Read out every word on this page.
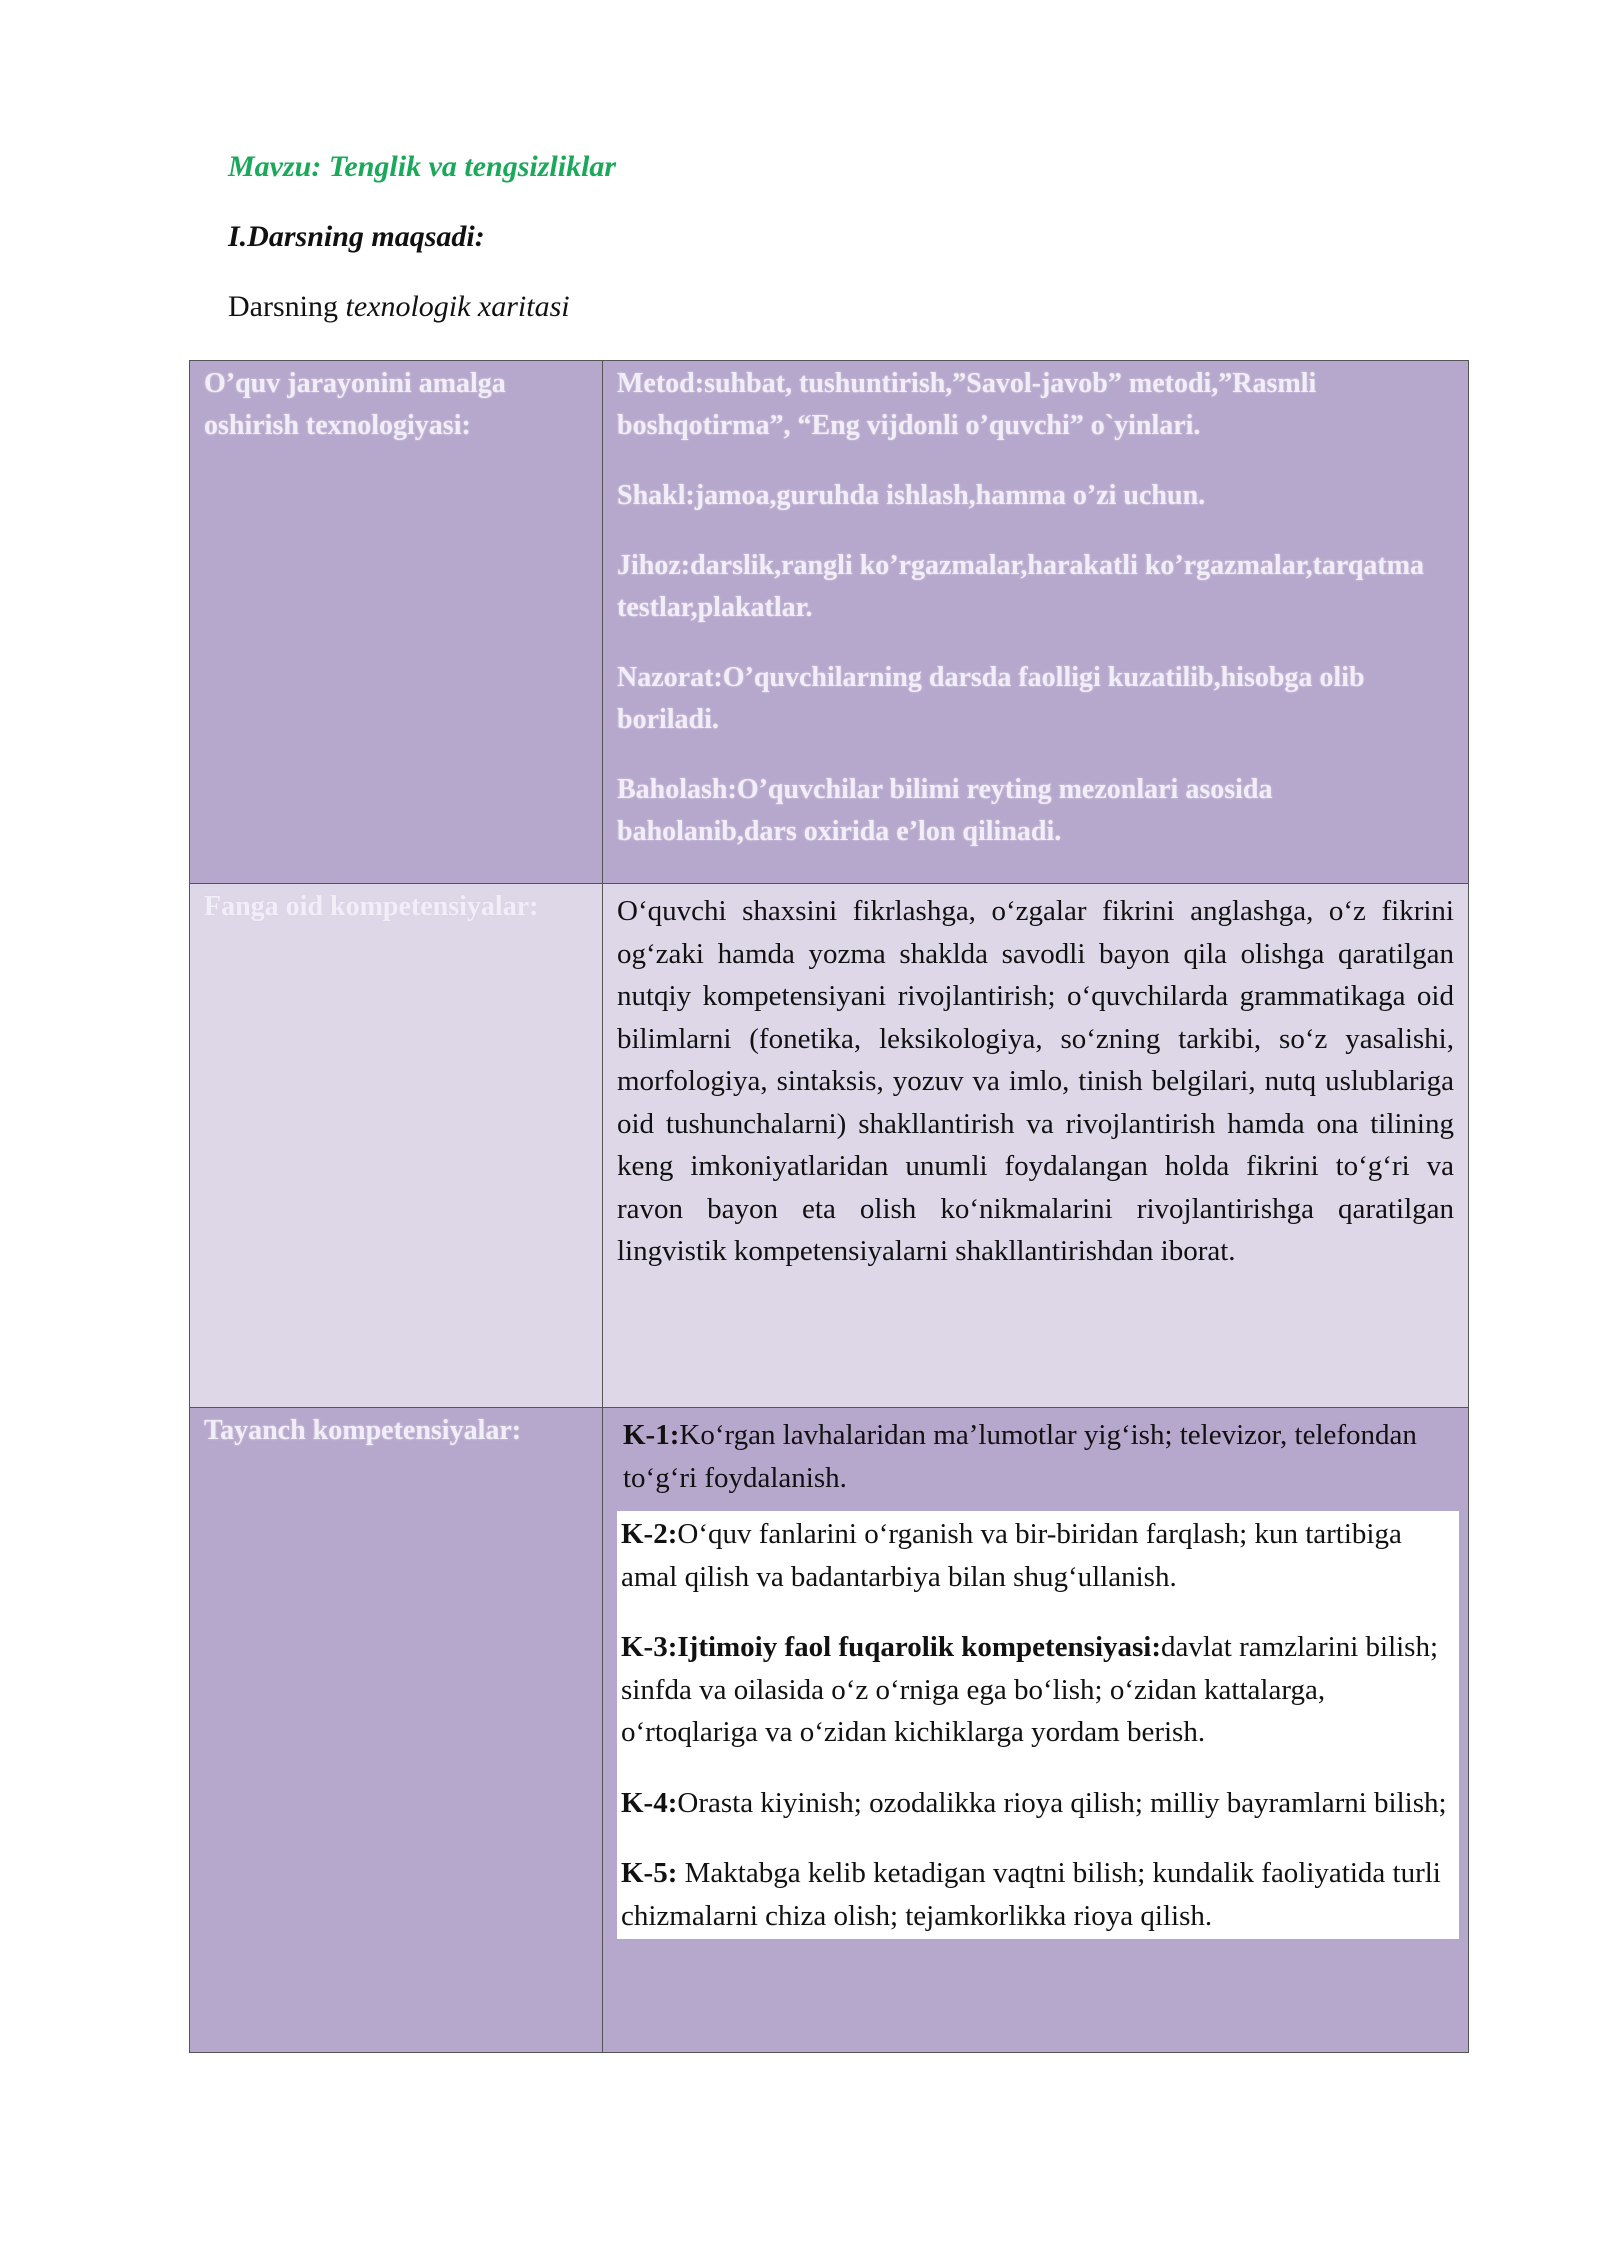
Mavzu: Tenglik va tengsizliklar
I.Darsning maqsadi:
Darsning texnologik xaritasi
O’quv jarayonini amalga oshirish texnologiyasi:	Metod:suhbat, tushuntirish,”Savol-javob” metodi,”Rasmli boshqotirma”, “Eng vijdonli o’quvchi” o`yinlari.

Shakl:jamoa,guruhda ishlash,hamma o’zi uchun.

Jihoz:darslik,rangli ko’rgazmalar,harakatli ko’rgazmalar,tarqatma testlar,plakatlar.

Nazorat:O’quvchilarning darsda faolligi kuzatilib,hisobga olib boriladi.

Baholash:O’quvchilar bilimi reyting mezonlari asosida baholanib,dars oxirida e’lon qilinadi.

Fanga oid kompetensiyalar:	O‘quvchi shaxsini fikrlashga, o‘zgalar fikrini anglashga, o‘z fikrini og‘zaki hamda yozma shaklda savodli bayon qila olishga qaratilgan nutqiy kompetensiyani rivojlantirish; o‘quvchilarda grammatikaga oid bilimlarni (fonetika, leksikologiya, so‘zning tarkibi, so‘z yasalishi, morfologiya, sintaksis, yozuv va imlo, tinish belgilari, nutq uslublariga oid tushunchalarni) shakllantirish va rivojlantirish hamda ona tilining keng imkoniyatlaridan unumli foydalangan holda fikrini to‘g‘ri va ravon bayon eta olish ko‘nikmalarini rivojlantirishga qaratilgan lingvistik kompetensiyalarni shakllantirishdan iborat.

Tayanch kompetensiyalar:	K-1:Ko‘rgan lavhalaridan ma’lumotlar yig‘ish; televizor, telefondan to‘g‘ri foydalanish.

K-2:O‘quv fanlarini o‘rganish va bir-biridan farqlash; kun tartibiga amal qilish va badantarbiya bilan shug‘ullanish.

K-3:Ijtimoiy faol fuqarolik kompetensiyasi:davlat ramzlarini bilish; sinfda va oilasida o‘z o‘rniga ega bo‘lish; o‘zidan kattalarga, o‘rtoqlariga va o‘zidan kichiklarga yordam berish.

K-4:Orasta kiyinish; ozodalikka rioya qilish; milliy bayramlarni bilish;

K-5: Maktabga kelib ketadigan vaqtni bilish; kundalik faoliyatida turli chizmalarni chiza olish; tejamkorlikka rioya qilish.
